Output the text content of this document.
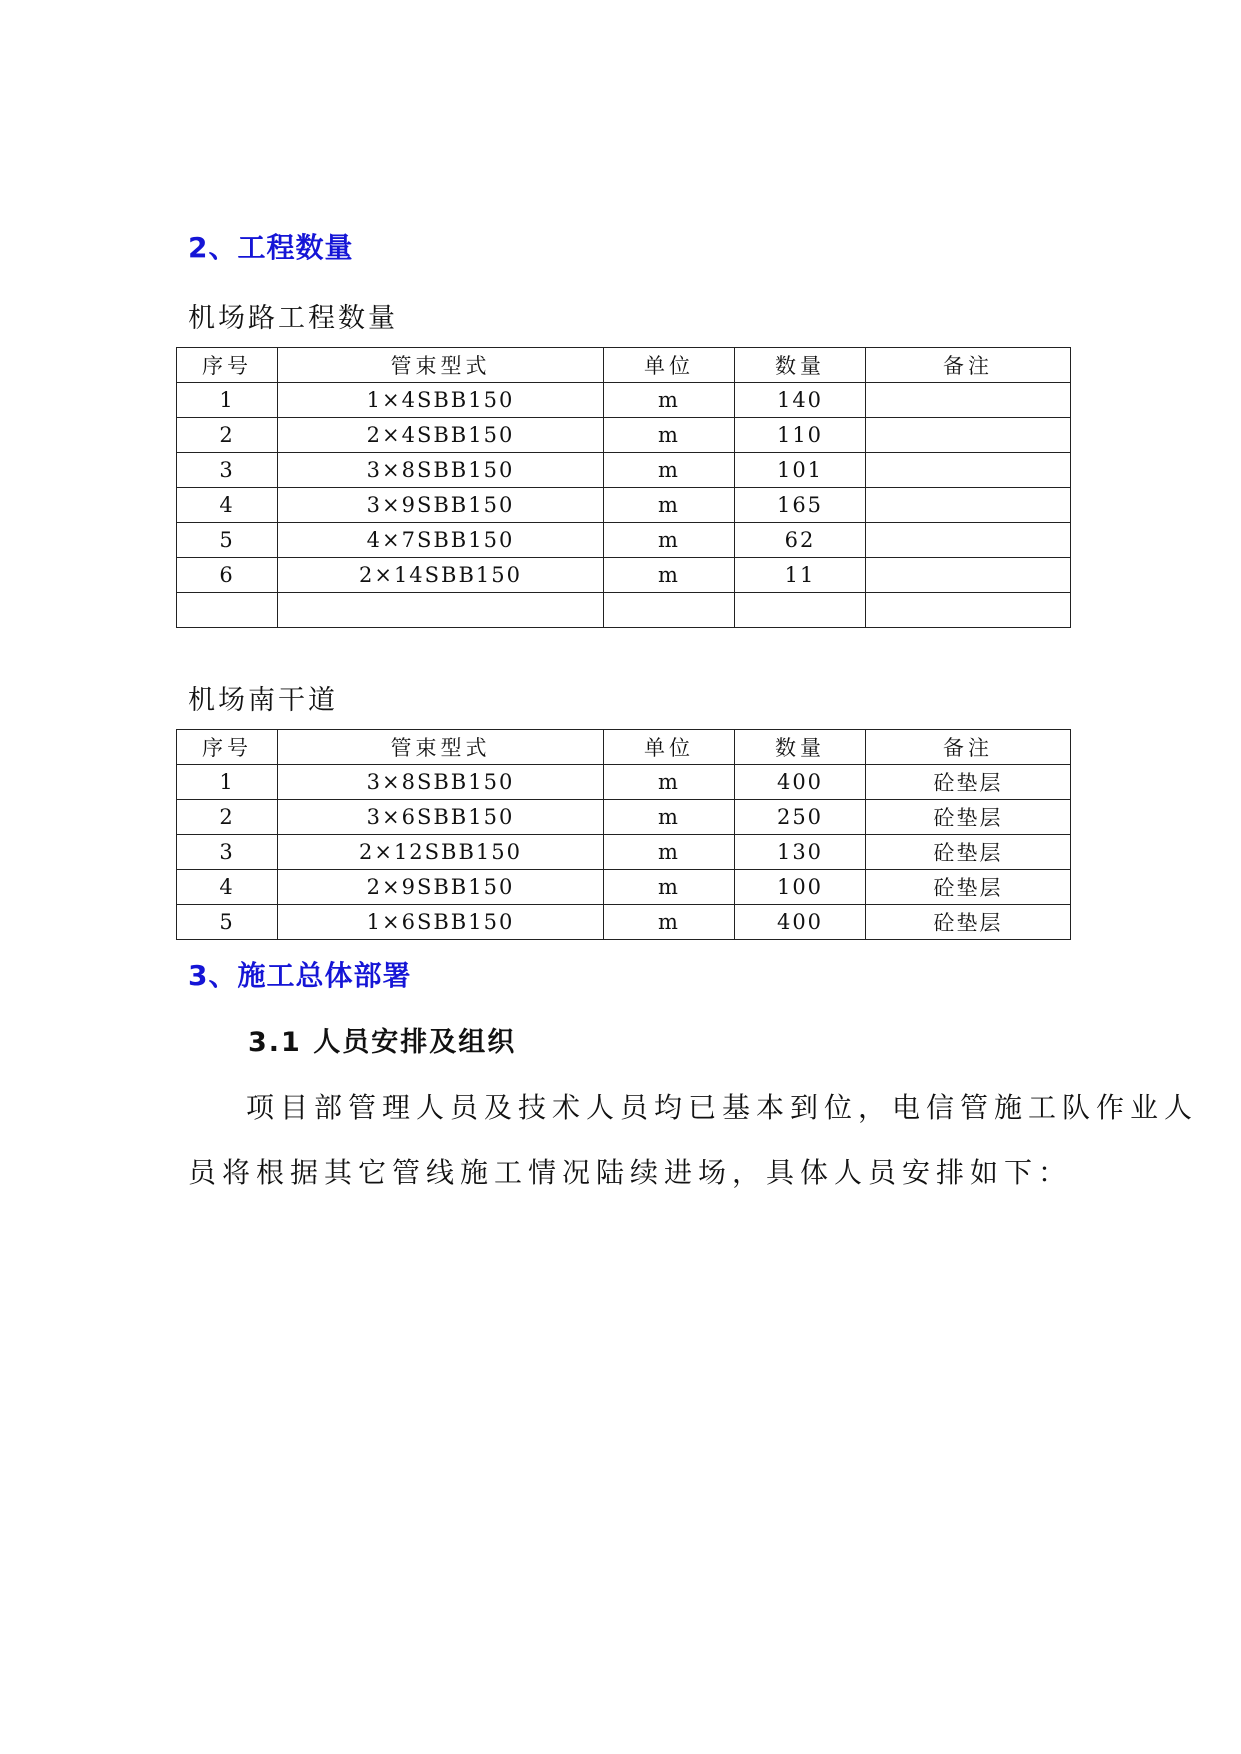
2、工程数量

机场路工程数量

序号	管束型式	单位	数量	备注
1	1×4SBB150	m	140	
2	2×4SBB150	m	110	
3	3×8SBB150	m	101	
4	3×9SBB150	m	165	
5	4×7SBB150	m	62	
6	2×14SBB150	m	11	

机场南干道

序号	管束型式	单位	数量	备注
1	3×8SBB150	m	400	砼垫层
2	3×6SBB150	m	250	砼垫层
3	2×12SBB150	m	130	砼垫层
4	2×9SBB150	m	100	砼垫层
5	1×6SBB150	m	400	砼垫层
3、施工总体部署
3.1 人员安排及组织

项目部管理人员及技术人员均已基本到位，电信管施工队作业人

员将根据其它管线施工情况陆续进场，具体人员安排如下：
